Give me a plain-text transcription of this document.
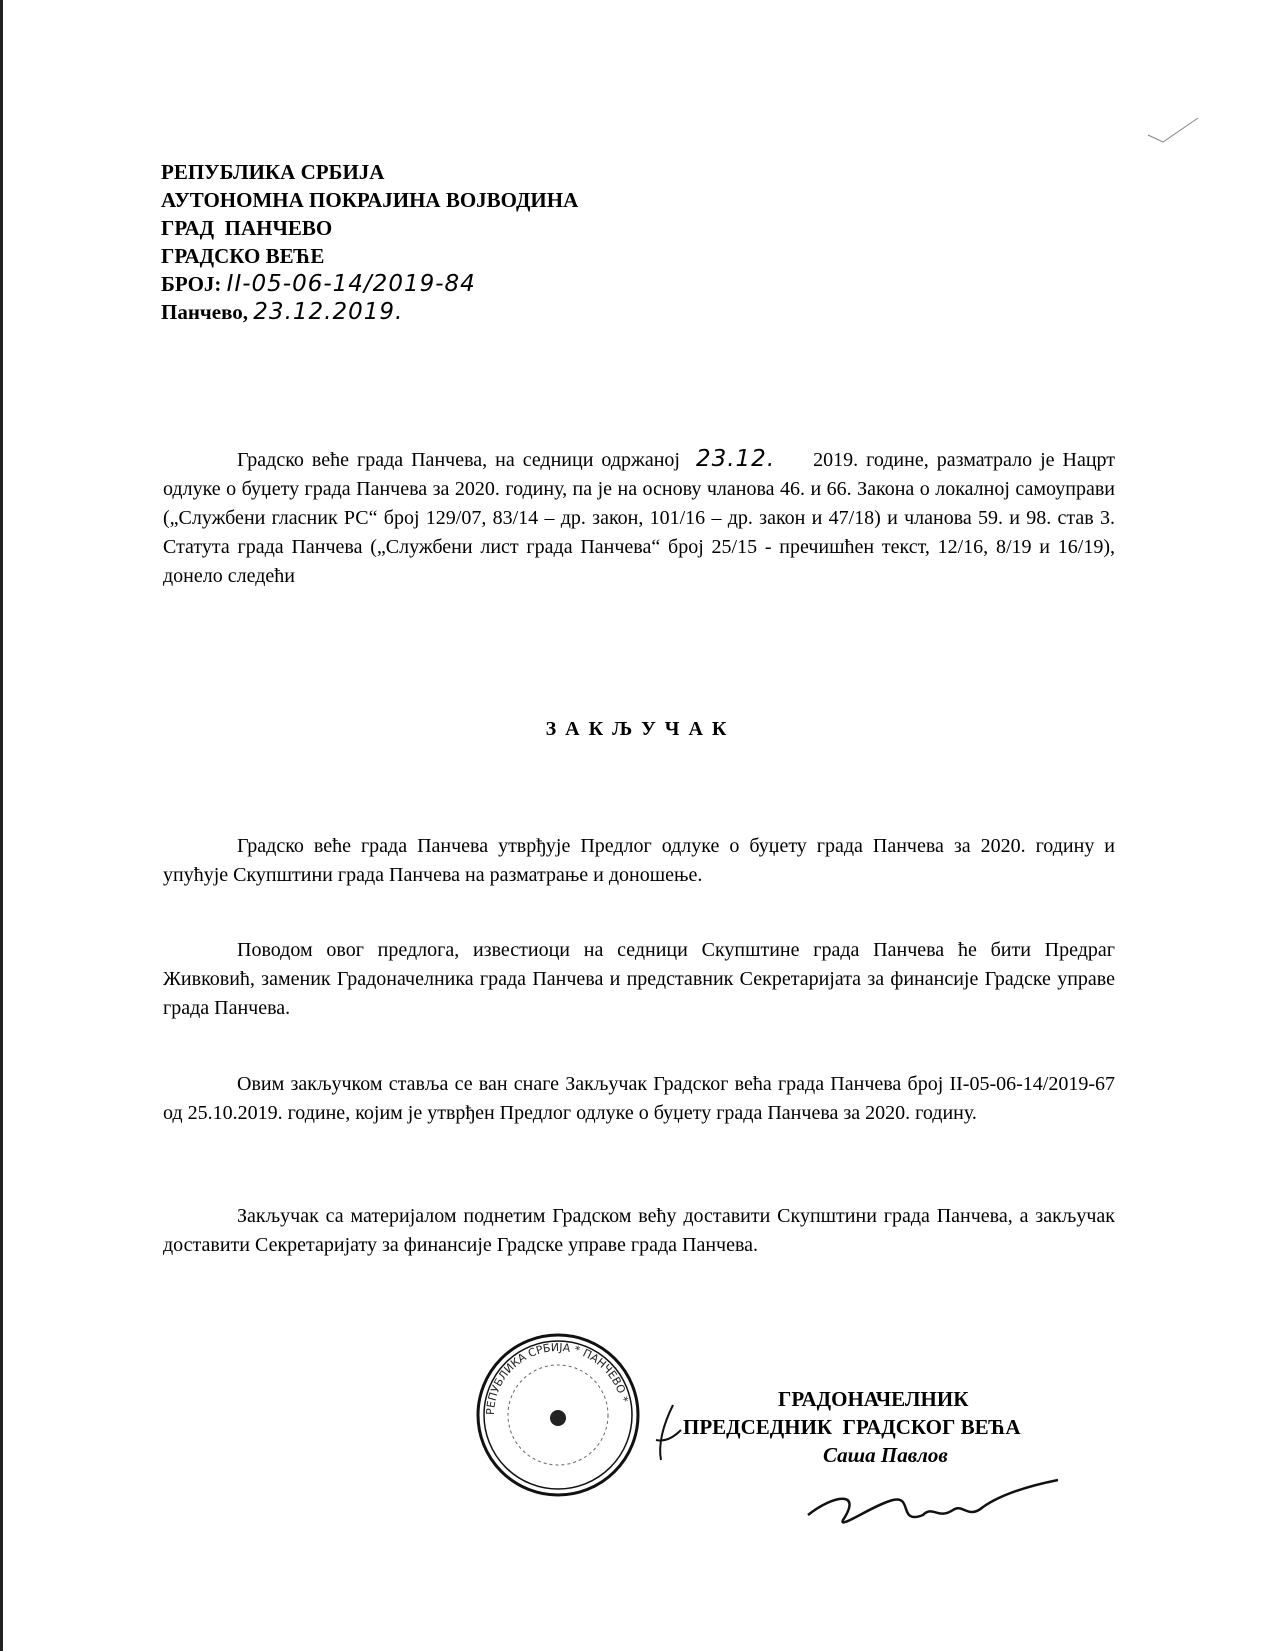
РЕПУБЛИКА СРБИЈА
АУТОНОМНА ПОКРАЈИНА ВОЈВОДИНА
ГРАД  ПАНЧЕВО
ГРАДСКО ВЕЋЕ
БРОЈ: II-05-06-14/2019-84
Панчево, 23.12.2019.
Градско веће града Панчева, на седници одржаној 23.12. 2019. године, разматрало је Нацрт одлуке о буџету града Панчева за 2020. годину, па је на основу чланова 46. и 66. Закона о локалној самоуправи („Службени гласник РС“ број 129/07, 83/14 – др. закон, 101/16 – др. закон и 47/18) и чланова 59. и 98. став 3. Статута града Панчева („Службени лист града Панчева“ број 25/15 - пречишћен текст, 12/16, 8/19 и 16/19), донело следећи
ЗАКЉУЧАК
Градско веће града Панчева утврђује Предлог одлуке о буџету града Панчева за 2020. годину и упућује Скупштини града Панчева на разматрање и доношење.
Поводом овог предлога, известиоци на седници Скупштине града Панчева ће бити Предраг Живковић, заменик Градоначелника града Панчева и представник Секретаријата за финансије Градске управе града Панчева.
Овим закључком ставља се ван снаге Закључак Градског већа града Панчева број II-05-06-14/2019-67 од 25.10.2019. године, којим је утврђен Предлог одлуке о буџету града Панчева за 2020. годину.
Закључак са материјалом поднетим Градском већу доставити Скупштини града Панчева, а закључак доставити Секретаријату за финансије Градске управе града Панчева.
РЕПУБЛИКА СРБИЈА * ПАНЧЕВО *	ГРАДОНАЧЕЛНИК
ПРЕДСЕДНИК  ГРАДСКОГ ВЕЋА
Саша Павлов
